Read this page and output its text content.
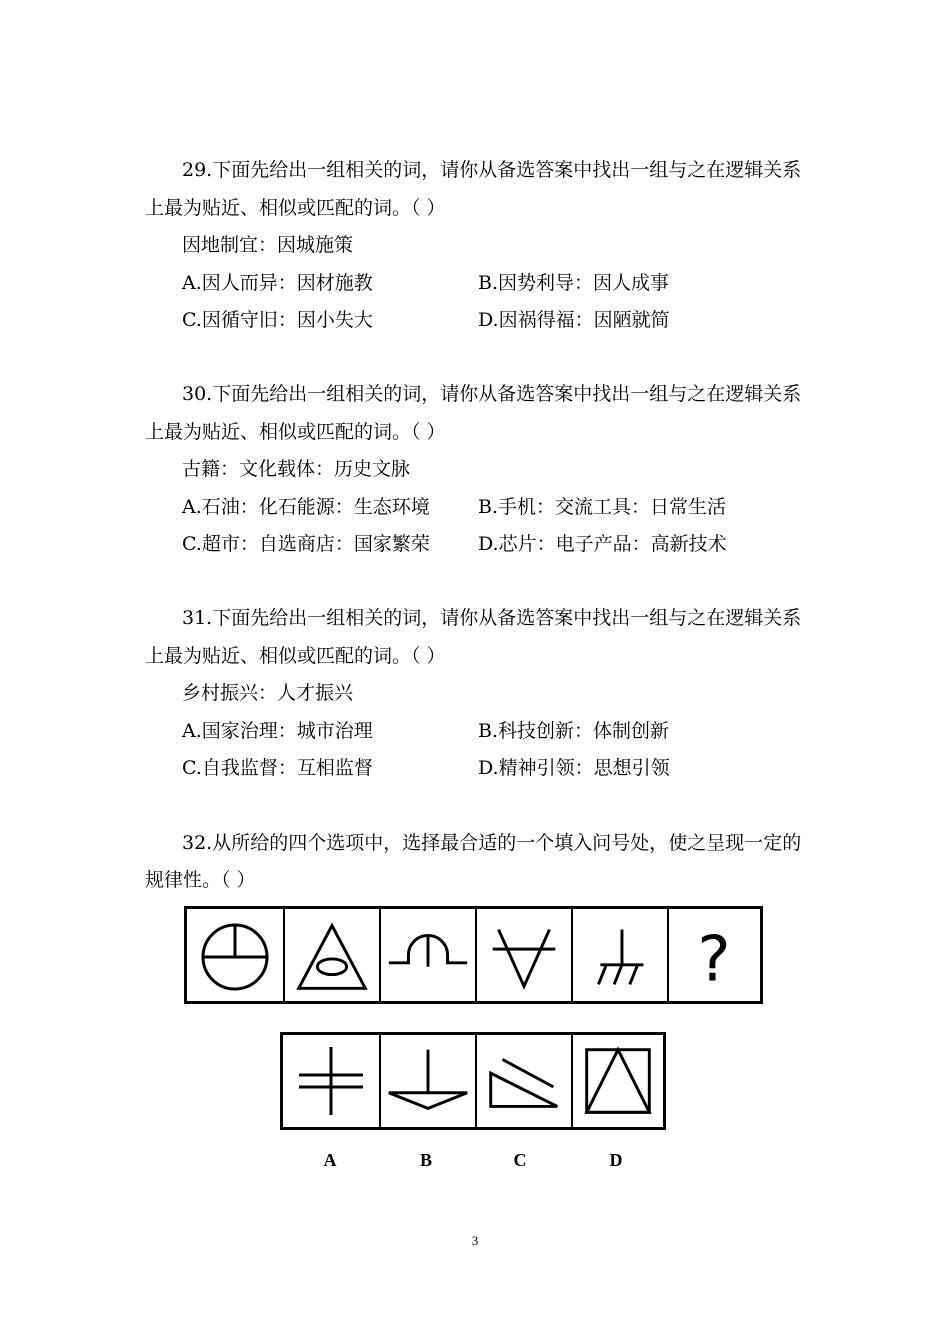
29.下面先给出一组相关的词，请你从备选答案中找出一组与之在逻辑关系
上最为贴近、相似或匹配的词。（ ）
因地制宜：因城施策
A.因人而异：因材施教	B.因势利导：因人成事
C.因循守旧：因小失大	D.因祸得福：因陋就简
30.下面先给出一组相关的词，请你从备选答案中找出一组与之在逻辑关系
上最为贴近、相似或匹配的词。（ ）
古籍：文化载体：历史文脉
A.石油：化石能源：生态环境	B.手机：交流工具：日常生活
C.超市：自选商店：国家繁荣	D.芯片：电子产品：高新技术
31.下面先给出一组相关的词，请你从备选答案中找出一组与之在逻辑关系
上最为贴近、相似或匹配的词。（ ）
乡村振兴：人才振兴
A.国家治理：城市治理	B.科技创新：体制创新
C.自我监督：互相监督	D.精神引领：思想引领
32.从所给的四个选项中，选择最合适的一个填入问号处，使之呈现一定的
规律性。（ ）
?
A	B	C	D
3
